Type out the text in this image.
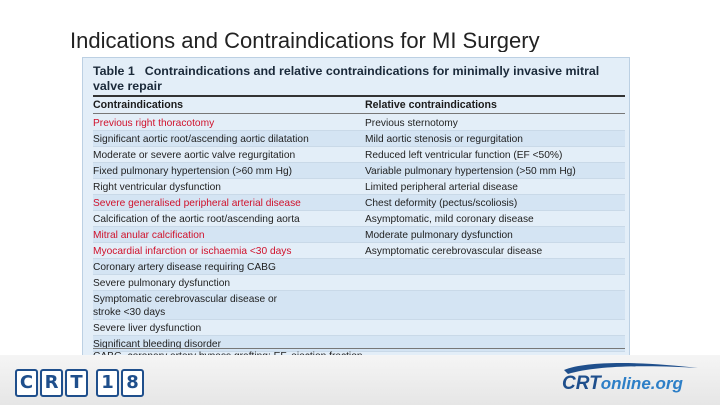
Indications and Contraindications for MI Surgery
Table 1 Contraindications and relative contraindications for minimally invasive mitral valve repair
Contraindications	Relative contraindications
Previous right thoracotomy	Previous sternotomy
Significant aortic root/ascending aortic dilatation	Mild aortic stenosis or regurgitation
Moderate or severe aortic valve regurgitation	Reduced left ventricular function (EF <50%)
Fixed pulmonary hypertension (>60 mm Hg)	Variable pulmonary hypertension (>50 mm Hg)
Right ventricular dysfunction	Limited peripheral arterial disease
Severe generalised peripheral arterial disease	Chest deformity (pectus/scoliosis)
Calcification of the aortic root/ascending aorta	Asymptomatic, mild coronary disease
Mitral anular calcification	Moderate pulmonary dysfunction
Myocardial infarction or ischaemia <30 days	Asymptomatic cerebrovascular disease
Coronary artery disease requiring CABG
Severe pulmonary dysfunction
Symptomatic cerebrovascular disease or
stroke <30 days
Severe liver dysfunction
Significant bleeding disorder
C R T 1 8	CRTonline.org
